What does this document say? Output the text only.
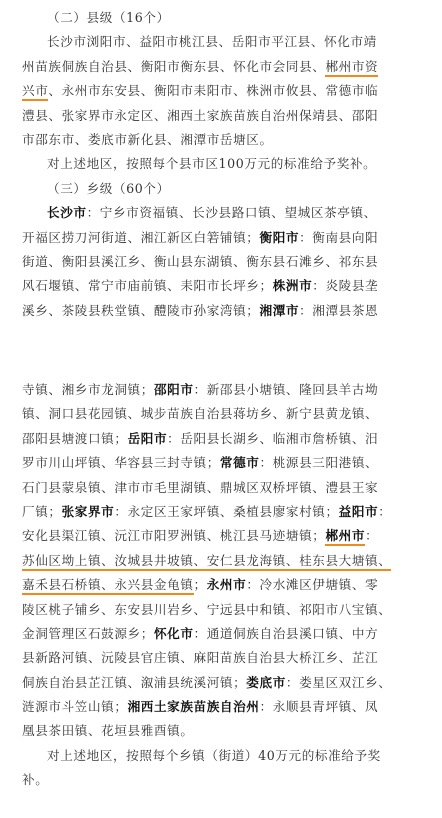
（二）县级（16个）
长沙市浏阳市、益阳市桃江县、岳阳市平江县、怀化市靖
州苗族侗族自治县、衡阳市衡东县、怀化市会同县、郴州市资
兴市、永州市东安县、衡阳市耒阳市、株洲市攸县、常德市临
澧县、张家界市永定区、湘西土家族苗族自治州保靖县、邵阳
市邵东市、娄底市新化县、湘潭市岳塘区。
对上述地区，按照每个县市区100万元的标准给予奖补。
（三）乡级（60个）
长沙市：宁乡市资福镇、长沙县路口镇、望城区茶亭镇、
开福区捞刀河街道、湘江新区白箬铺镇；衡阳市：衡南县向阳
街道、衡阳县溪江乡、衡山县东湖镇、衡东县石滩乡、祁东县
风石堰镇、常宁市庙前镇、耒阳市长坪乡；株洲市：炎陵县垄
溪乡、茶陵县秩堂镇、醴陵市孙家湾镇；湘潭市：湘潭县茶恩
寺镇、湘乡市龙洞镇；邵阳市：新邵县小塘镇、隆回县羊古坳
镇、洞口县花园镇、城步苗族自治县蒋坊乡、新宁县黄龙镇、
邵阳县塘渡口镇；岳阳市：岳阳县长湖乡、临湘市詹桥镇、汨
罗市川山坪镇、华容县三封寺镇；常德市：桃源县三阳港镇、
石门县蒙泉镇、津市市毛里湖镇、鼎城区双桥坪镇、澧县王家
厂镇；张家界市：永定区王家坪镇、桑植县廖家村镇；益阳市：
安化县渠江镇、沅江市阳罗洲镇、桃江县马迹塘镇；郴州市：
苏仙区坳上镇、汝城县井坡镇、安仁县龙海镇、桂东县大塘镇、
嘉禾县石桥镇、永兴县金龟镇；永州市：冷水滩区伊塘镇、零
陵区桃子铺乡、东安县川岩乡、宁远县中和镇、祁阳市八宝镇、
金洞管理区石鼓源乡；怀化市：通道侗族自治县溪口镇、中方
县新路河镇、沅陵县官庄镇、麻阳苗族自治县大桥江乡、芷江
侗族自治县芷江镇、溆浦县统溪河镇；娄底市：娄星区双江乡、
涟源市斗笠山镇；湘西土家族苗族自治州：永顺县青坪镇、凤
凰县茶田镇、花垣县雅酉镇。
对上述地区，按照每个乡镇（街道）40万元的标准给予奖
补。
